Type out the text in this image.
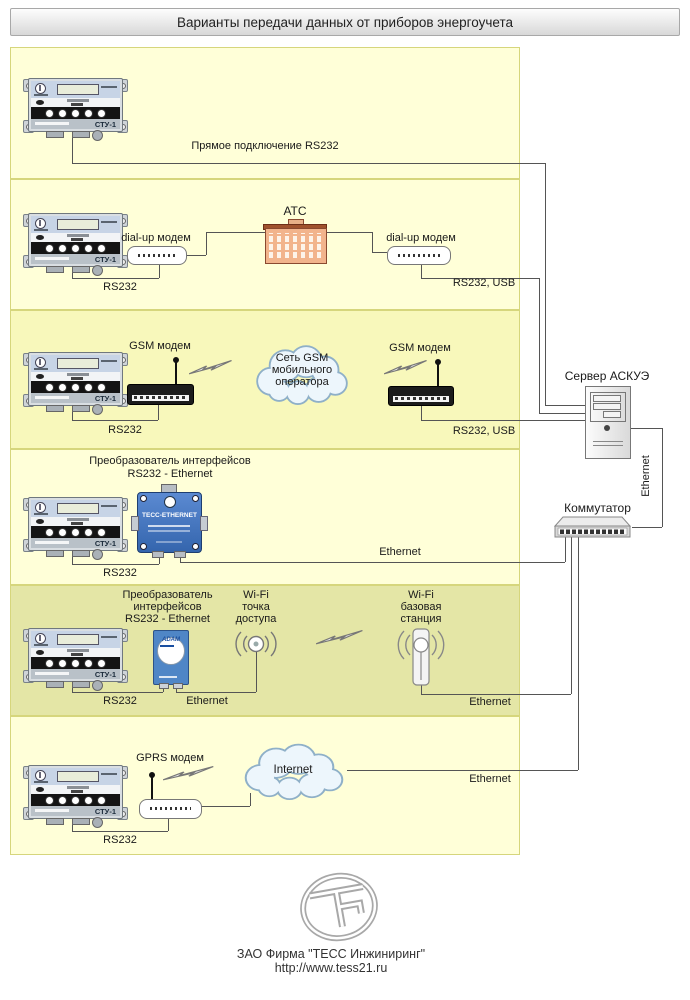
Варианты передачи данных от приборов энергоучета
СТУ-1
СТУ-1
СТУ-1
СТУ-1
СТУ-1
СТУ-1
Прямое подключение RS232
dial-up модем
RS232
АТС
dial-up модем
RS232, USB
GSM модем
Сеть GSM
мобильного
оператора
GSM модем
RS232	RS232, USB
Преобразователь интерфейсов
RS232 - Ethernet
ТЕСС-ETHERNET
RS232
Ethernet
Преобразователь
интерфейсов
RS232 - Ethernet
Wi-Fi
точка
доступа
Wi-Fi
базовая
станция
ADAM
RS232	Ethernet	Ethernet
GPRS модем
Internet
RS232
Ethernet
Сервер АСКУЭ
Ethernet
Коммутатор
ЗАО Фирма "ТЕСС Инжиниринг"
http://www.tess21.ru
